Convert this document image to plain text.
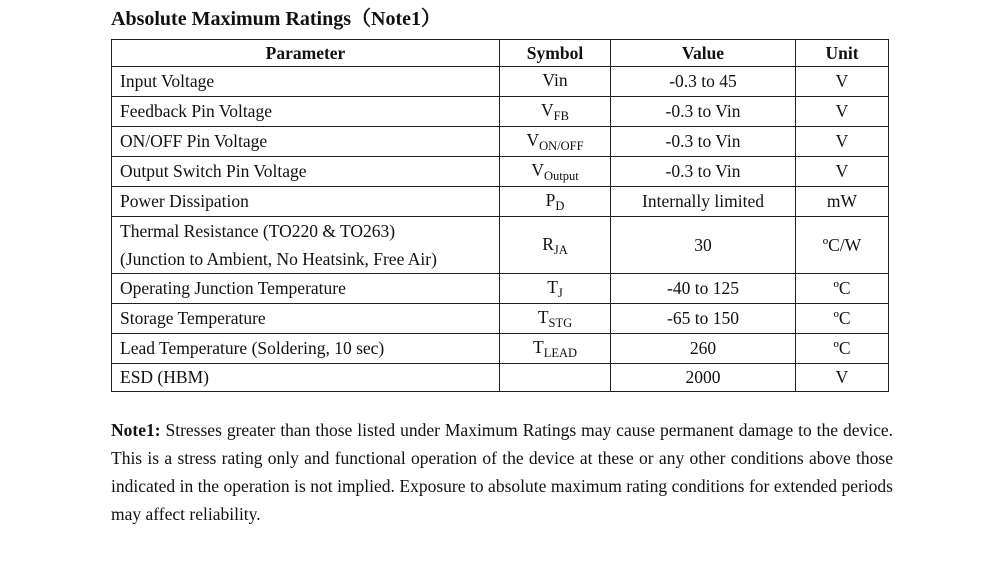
Absolute Maximum Ratings（Note1）
Parameter	Symbol	Value	Unit
Input Voltage	Vin	-0.3 to 45	V
Feedback Pin Voltage	$V_{FB}$	-0.3 to Vin	V
ON/OFF Pin Voltage	$V_{ON/OFF}$	-0.3 to Vin	V
Output Switch Pin Voltage	$V_{Output}$	-0.3 to Vin	V
Power Dissipation	$P_D$	Internally limited	mW

Thermal Resistance (TO220 & TO263)
(Junction to Ambient, No Heatsink, Free Air)	$R_{JA}$	30	ºC/W
Operating Junction Temperature	$T_J$	-40 to 125	ºC
Storage Temperature	$T_{STG}$	-65 to 150	ºC
Lead Temperature (Soldering, 10 sec)	$T_{LEAD}$	260	ºC
ESD (HBM)		2000	V

Note1: Stresses greater than those listed under Maximum Ratings may cause permanent damage to the device. This is a stress rating only and functional operation of the device at these or any other conditions above those indicated in the operation is not implied. Exposure to absolute maximum rating conditions for extended periods may affect reliability.
